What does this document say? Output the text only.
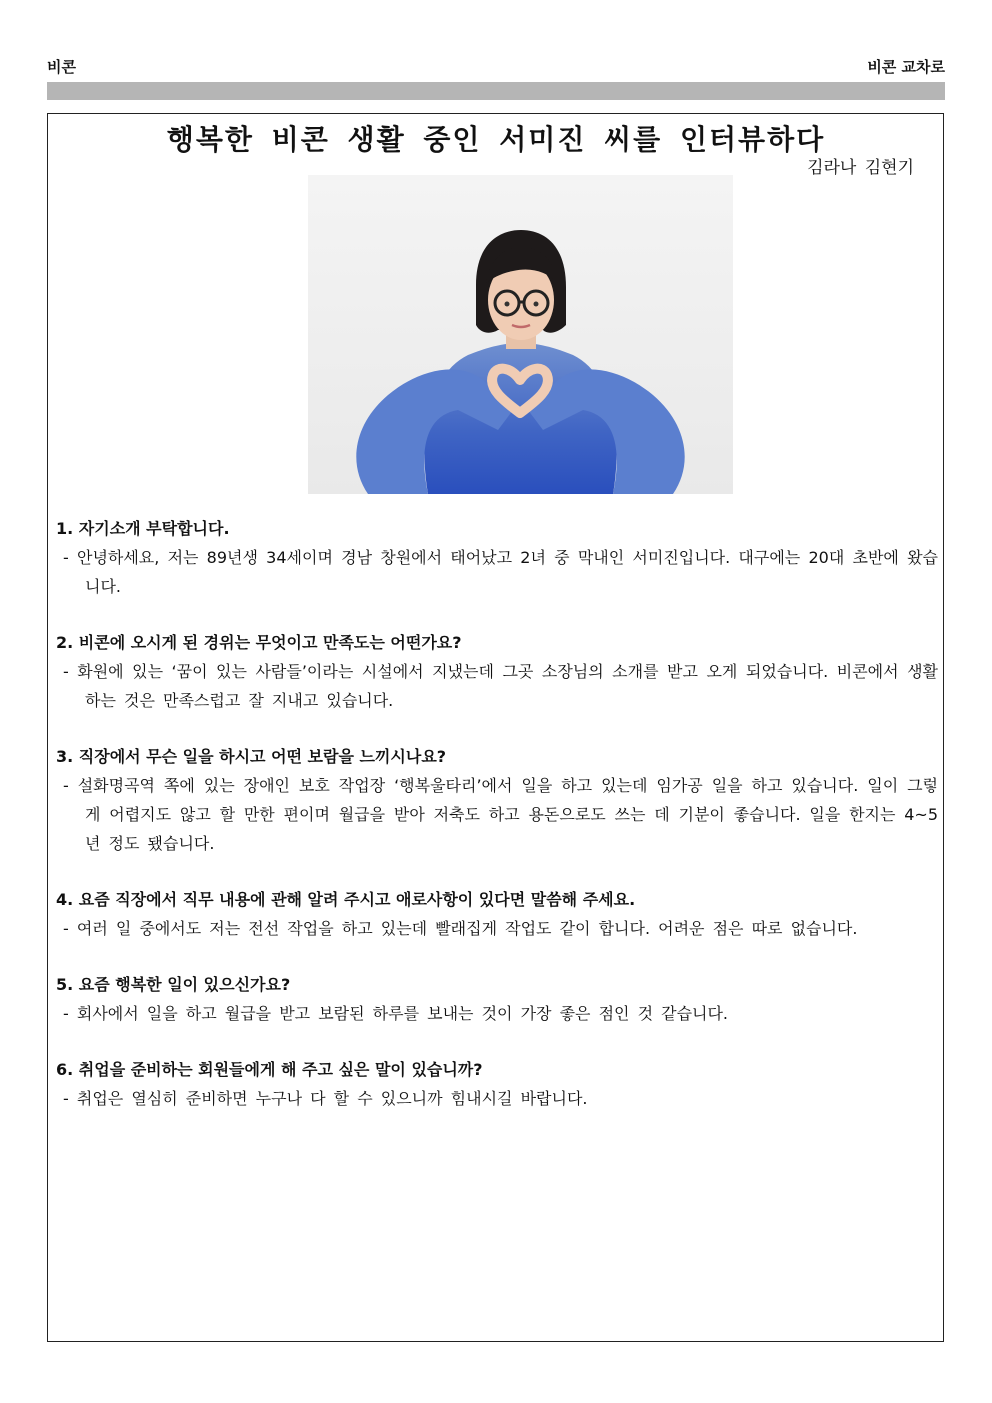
비콘	비콘 교차로
행복한 비콘 생활 중인 서미진 씨를 인터뷰하다
김라나 김현기

1. 자기소개 부탁합니다.

- 안녕하세요, 저는 89년생 34세이며 경남 창원에서 태어났고 2녀 중 막내인 서미진입니다. 대구에는 20대 초반에 왔습니다.

2. 비콘에 오시게 된 경위는 무엇이고 만족도는 어떤가요?

- 화원에 있는 ‘꿈이 있는 사람들’이라는 시설에서 지냈는데 그곳 소장님의 소개를 받고 오게 되었습니다. 비콘에서 생활하는 것은 만족스럽고 잘 지내고 있습니다.

3. 직장에서 무슨 일을 하시고 어떤 보람을 느끼시나요?

- 설화명곡역 쪽에 있는 장애인 보호 작업장 ‘행복울타리’에서 일을 하고 있는데 임가공 일을 하고 있습니다. 일이 그렇게 어렵지도 않고 할 만한 편이며 월급을 받아 저축도 하고 용돈으로도 쓰는 데 기분이 좋습니다. 일을 한지는 4~5년 정도 됐습니다.

4. 요즘 직장에서 직무 내용에 관해 알려 주시고 애로사항이 있다면 말씀해 주세요.

- 여러 일 중에서도 저는 전선 작업을 하고 있는데 빨래집게 작업도 같이 합니다. 어려운 점은 따로 없습니다.

5. 요즘 행복한 일이 있으신가요?

- 회사에서 일을 하고 월급을 받고 보람된 하루를 보내는 것이 가장 좋은 점인 것 같습니다.

6. 취업을 준비하는 회원들에게 해 주고 싶은 말이 있습니까?

- 취업은 열심히 준비하면 누구나 다 할 수 있으니까 힘내시길 바랍니다.
